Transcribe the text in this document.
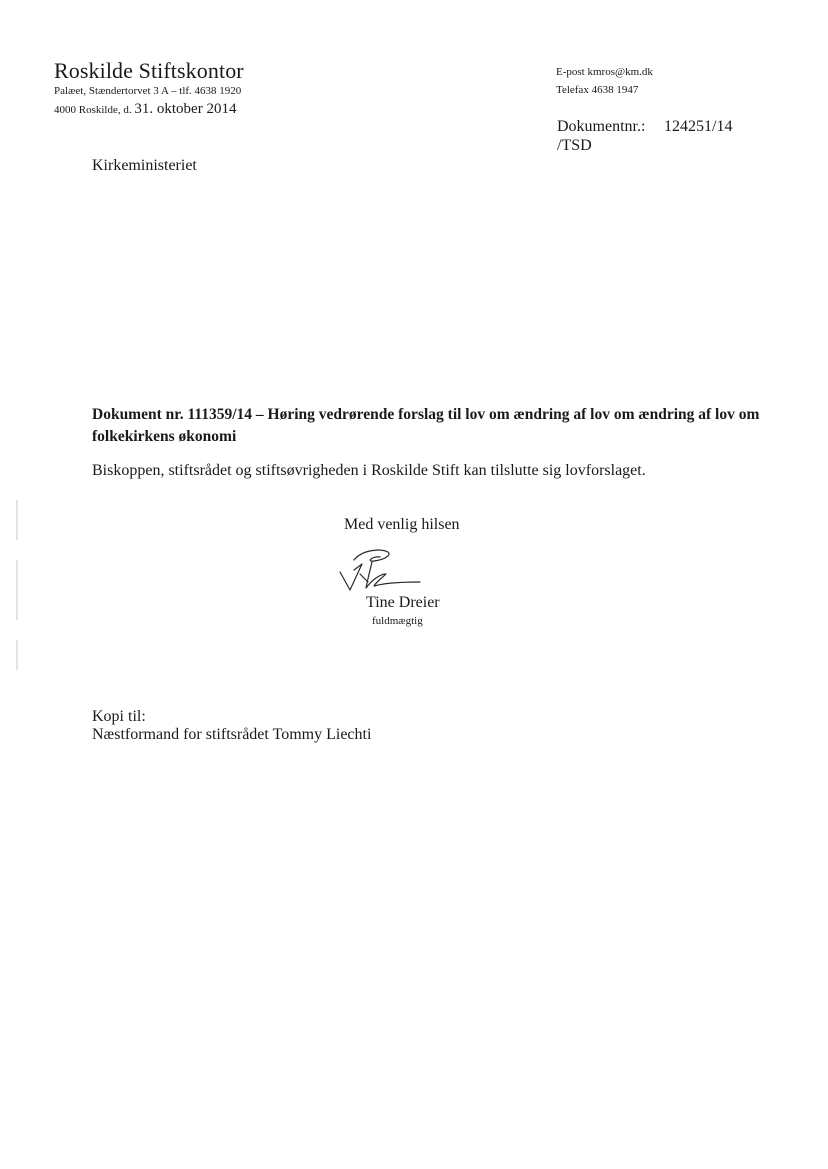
Roskilde Stiftskontor
Palæet, Stændertorvet 3 A – tlf. 4638 1920
4000 Roskilde, d. 31. oktober 2014
E-post kmros@km.dk
Telefax 4638 1947
Dokumentnr.: 124251/14
/TSD
Kirkeministeriet
Dokument nr. 111359/14 – Høring vedrørende forslag til lov om ændring af lov om ændring af lov om folkekirkens økonomi
Biskoppen, stiftsrådet og stiftsøvrigheden i Roskilde Stift kan tilslutte sig lovforslaget.
Med venlig hilsen
Tine Dreier
fuldmægtig
Kopi til:
Næstformand for stiftsrådet Tommy Liechti
